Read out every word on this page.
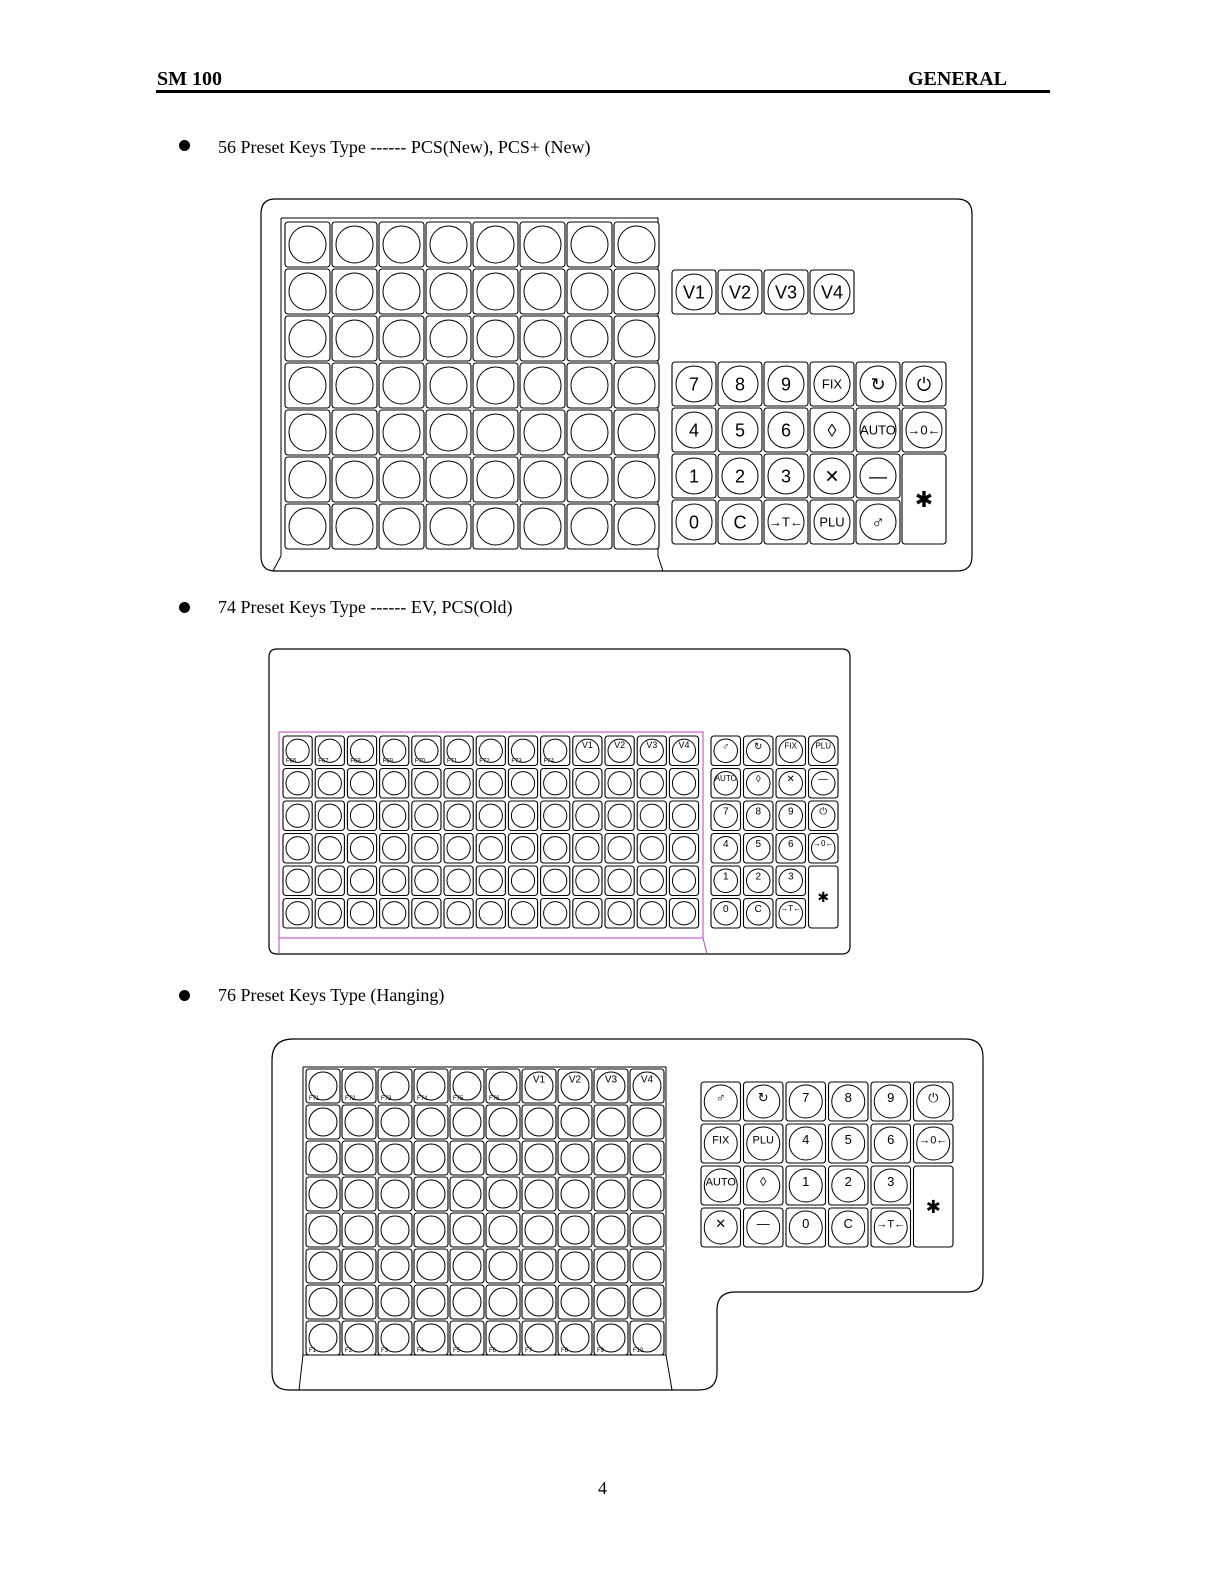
SM 100	GENERAL
56 Preset Keys Type ------ PCS(New), PCS+ (New)
74 Preset Keys Type ------ EV, PCS(Old)
76 Preset Keys Type (Hanging)
V1 V2 V3 V4
7 8 9 FIX ↻ ⏻
4 5 6 ◊ AUTO →0←
1 2 3 ✕ —
0 C →T← PLU ♂
✱
F66	F67	F68	F69	F70	F71	F72	F73	F74
V1 V2 V3 V4	♂ ↻	FIX PLU
AUTO ◊	✕ —
7	8	9	⏻
4	5	6 →0←
1	2	3
0	C →T←
✱
F71	F72	F73	F74	F75	F76
V1 V2 V3 V4
F1	F2	F3	F4	F5	F6	F7	F8	F9	F10
♂ ↻	7	8	9	⏻
FIX PLU 4	5	6 →0←
AUTO ◊	1	2	3
✕ — 0	C →T←
✱
4
